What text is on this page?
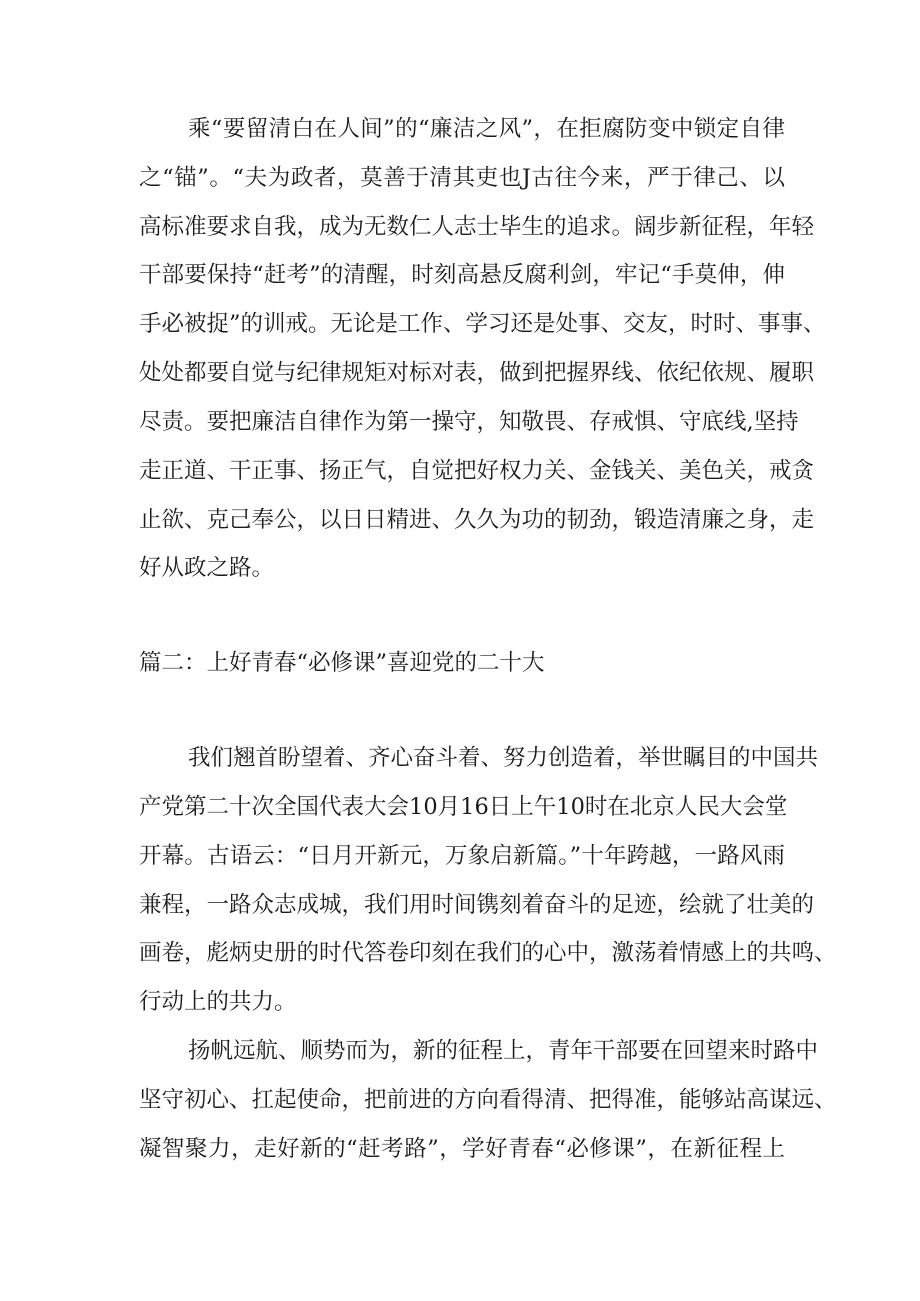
乘“要留清白在人间”的“廉洁之风”，在拒腐防变中锁定自律
之“锚”。“夫为政者，莫善于清其吏也J古往今来，严于律己、以
高标准要求自我，成为无数仁人志士毕生的追求。阔步新征程，年轻
干部要保持“赶考”的清醒，时刻高悬反腐利剑，牢记“手莫伸，伸
手必被捉”的训戒。无论是工作、学习还是处事、交友，时时、事事、
处处都要自觉与纪律规矩对标对表，做到把握界线、依纪依规、履职
尽责。要把廉洁自律作为第一操守，知敬畏、存戒惧、守底线,坚持
走正道、干正事、扬正气，自觉把好权力关、金钱关、美色关，戒贪
止欲、克己奉公，以日日精进、久久为功的韧劲，锻造清廉之身，走
好从政之路。
篇二：上好青春“必修课”喜迎党的二十大
我们翘首盼望着、齐心奋斗着、努力创造着，举世瞩目的中国共
产党第二十次全国代表大会10月16日上午10时在北京人民大会堂
开幕。古语云：“日月开新元，万象启新篇。”十年跨越，一路风雨
兼程，一路众志成城，我们用时间镌刻着奋斗的足迹，绘就了壮美的
画卷，彪炳史册的时代答卷印刻在我们的心中，激荡着情感上的共鸣、
行动上的共力。
扬帆远航、顺势而为，新的征程上，青年干部要在回望来时路中
坚守初心、扛起使命，把前进的方向看得清、把得准，能够站高谋远、
凝智聚力，走好新的“赶考路”，学好青春“必修课”，在新征程上
